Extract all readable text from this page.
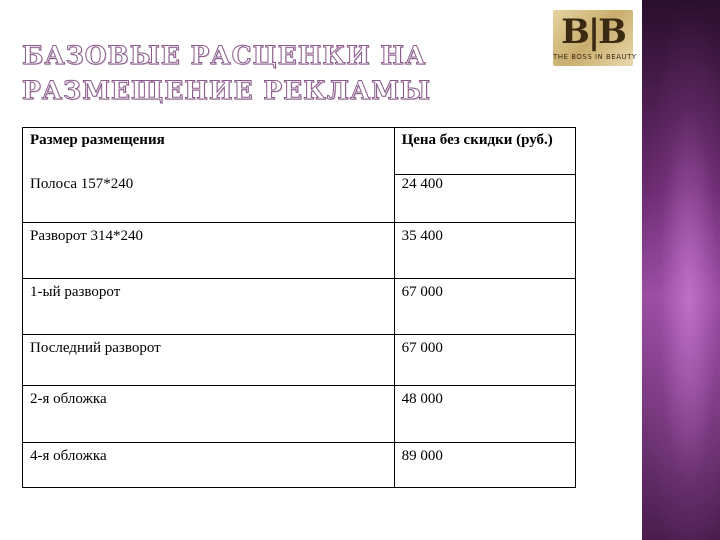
БАЗОВЫЕ РАСЦЕНКИ НА
РАЗМЕЩЕНИЕ РЕКЛАМЫ
B|B
THE BOSS IN BEAUTY
Размер размещения	Цена без скидки (руб.)
Полоса 157*240	24 400
Разворот 314*240	35 400
1-ый разворот	67 000
Последний разворот	67 000
2-я обложка	48 000
4-я обложка	89 000
